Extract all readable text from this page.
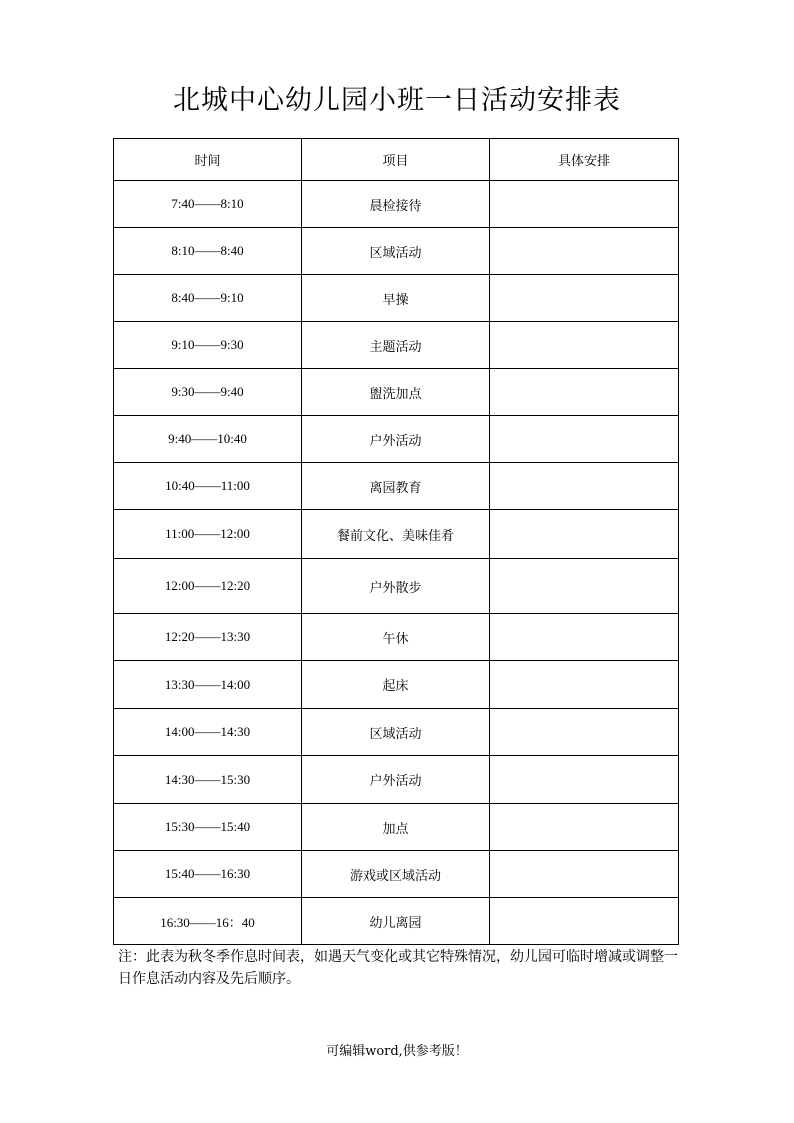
北城中心幼儿园小班一日活动安排表
时间	项目	具体安排
7:40——8:10	晨检接待	
8:10——8:40	区域活动	
8:40——9:10	早操	
9:10——9:30	主题活动	
9:30——9:40	盥洗加点	
9:40——10:40	户外活动	
10:40——11:00	离园教育	
11:00——12:00	餐前文化、美味佳肴	
12:00——12:20	户外散步	
12:20——13:30	午休	
13:30——14:00	起床	
14:00——14:30	区域活动	
14:30——15:30	户外活动	
15:30——15:40	加点	
15:40——16:30	游戏或区域活动	
16:30——16：40	幼儿离园	
注：此表为秋冬季作息时间表，如遇天气变化或其它特殊情况，幼儿园可临时增减或调整一日作息活动内容及先后顺序。
可编辑word,供参考版！
